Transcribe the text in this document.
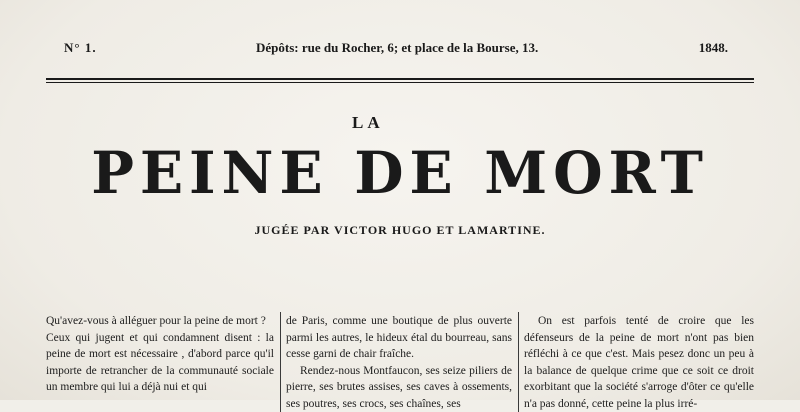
N° 1.	Dépôts: rue du Rocher, 6; et place de la Bourse, 13.	1848.
LA
PEINE DE MORT
JUGÉE PAR VICTOR HUGO ET LAMARTINE.

Qu'avez-vous à alléguer pour la peine de mort ?

Ceux qui jugent et qui condamnent disent : la peine de mort est nécessaire , d'abord parce qu'il importe de retrancher de la communauté sociale un membre qui lui a déjà nui et qui

de Paris, comme une boutique de plus ouverte parmi les autres, le hideux étal du bourreau, sans cesse garni de chair fraîche.

Rendez-nous Montfaucon, ses seize piliers de pierre, ses brutes assises, ses caves à ossements, ses poutres, ses crocs, ses chaînes, ses

On est parfois tenté de croire que les défenseurs de la peine de mort n'ont pas bien réfléchi à ce que c'est. Mais pesez donc un peu à la balance de quelque crime que ce soit ce droit exorbitant que la société s'arroge d'ôter ce qu'elle n'a pas donné, cette peine la plus irré-
